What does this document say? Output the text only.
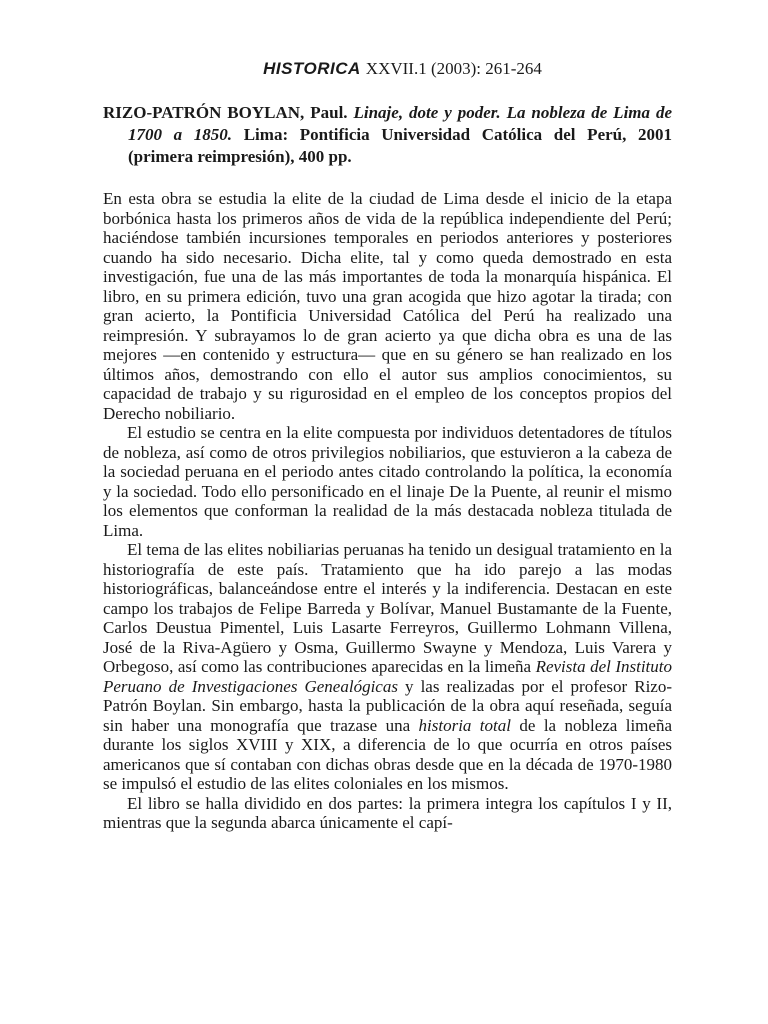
HISTORICA XXVII.1 (2003): 261-264
RIZO-PATRÓN BOYLAN, Paul. Linaje, dote y poder. La nobleza de Lima de 1700 a 1850. Lima: Pontificia Universidad Católica del Perú, 2001 (primera reimpresión), 400 pp.

En esta obra se estudia la elite de la ciudad de Lima desde el inicio de la etapa borbónica hasta los primeros años de vida de la república independiente del Perú; haciéndose también incursiones temporales en periodos anteriores y posteriores cuando ha sido necesario. Dicha elite, tal y como queda demostrado en esta investigación, fue una de las más importantes de toda la monarquía hispánica. El libro, en su primera edición, tuvo una gran acogida que hizo agotar la tirada; con gran acierto, la Pontificia Universidad Católica del Perú ha realizado una reimpresión. Y subrayamos lo de gran acierto ya que dicha obra es una de las mejores —en contenido y estructura— que en su género se han realizado en los últimos años, demostrando con ello el autor sus amplios conocimientos, su capacidad de trabajo y su rigurosidad en el empleo de los conceptos propios del Derecho nobiliario.

El estudio se centra en la elite compuesta por individuos detentadores de títulos de nobleza, así como de otros privilegios nobiliarios, que estuvieron a la cabeza de la sociedad peruana en el periodo antes citado controlando la política, la economía y la sociedad. Todo ello personificado en el linaje De la Puente, al reunir el mismo los elementos que conforman la realidad de la más destacada nobleza titulada de Lima.

El tema de las elites nobiliarias peruanas ha tenido un desigual tratamiento en la historiografía de este país. Tratamiento que ha ido parejo a las modas historiográficas, balanceándose entre el interés y la indiferencia. Destacan en este campo los trabajos de Felipe Barreda y Bolívar, Manuel Bustamante de la Fuente, Carlos Deustua Pimentel, Luis Lasarte Ferreyros, Guillermo Lohmann Villena, José de la Riva-Agüero y Osma, Guillermo Swayne y Mendoza, Luis Varera y Orbegoso, así como las contribuciones aparecidas en la limeña Revista del Instituto Peruano de Investigaciones Genealógicas y las realizadas por el profesor Rizo-Patrón Boylan. Sin embargo, hasta la publicación de la obra aquí reseñada, seguía sin haber una monografía que trazase una historia total de la nobleza limeña durante los siglos XVIII y XIX, a diferencia de lo que ocurría en otros países americanos que sí contaban con dichas obras desde que en la década de 1970-1980 se impulsó el estudio de las elites coloniales en los mismos.

El libro se halla dividido en dos partes: la primera integra los capítulos I y II, mientras que la segunda abarca únicamente el capí-
